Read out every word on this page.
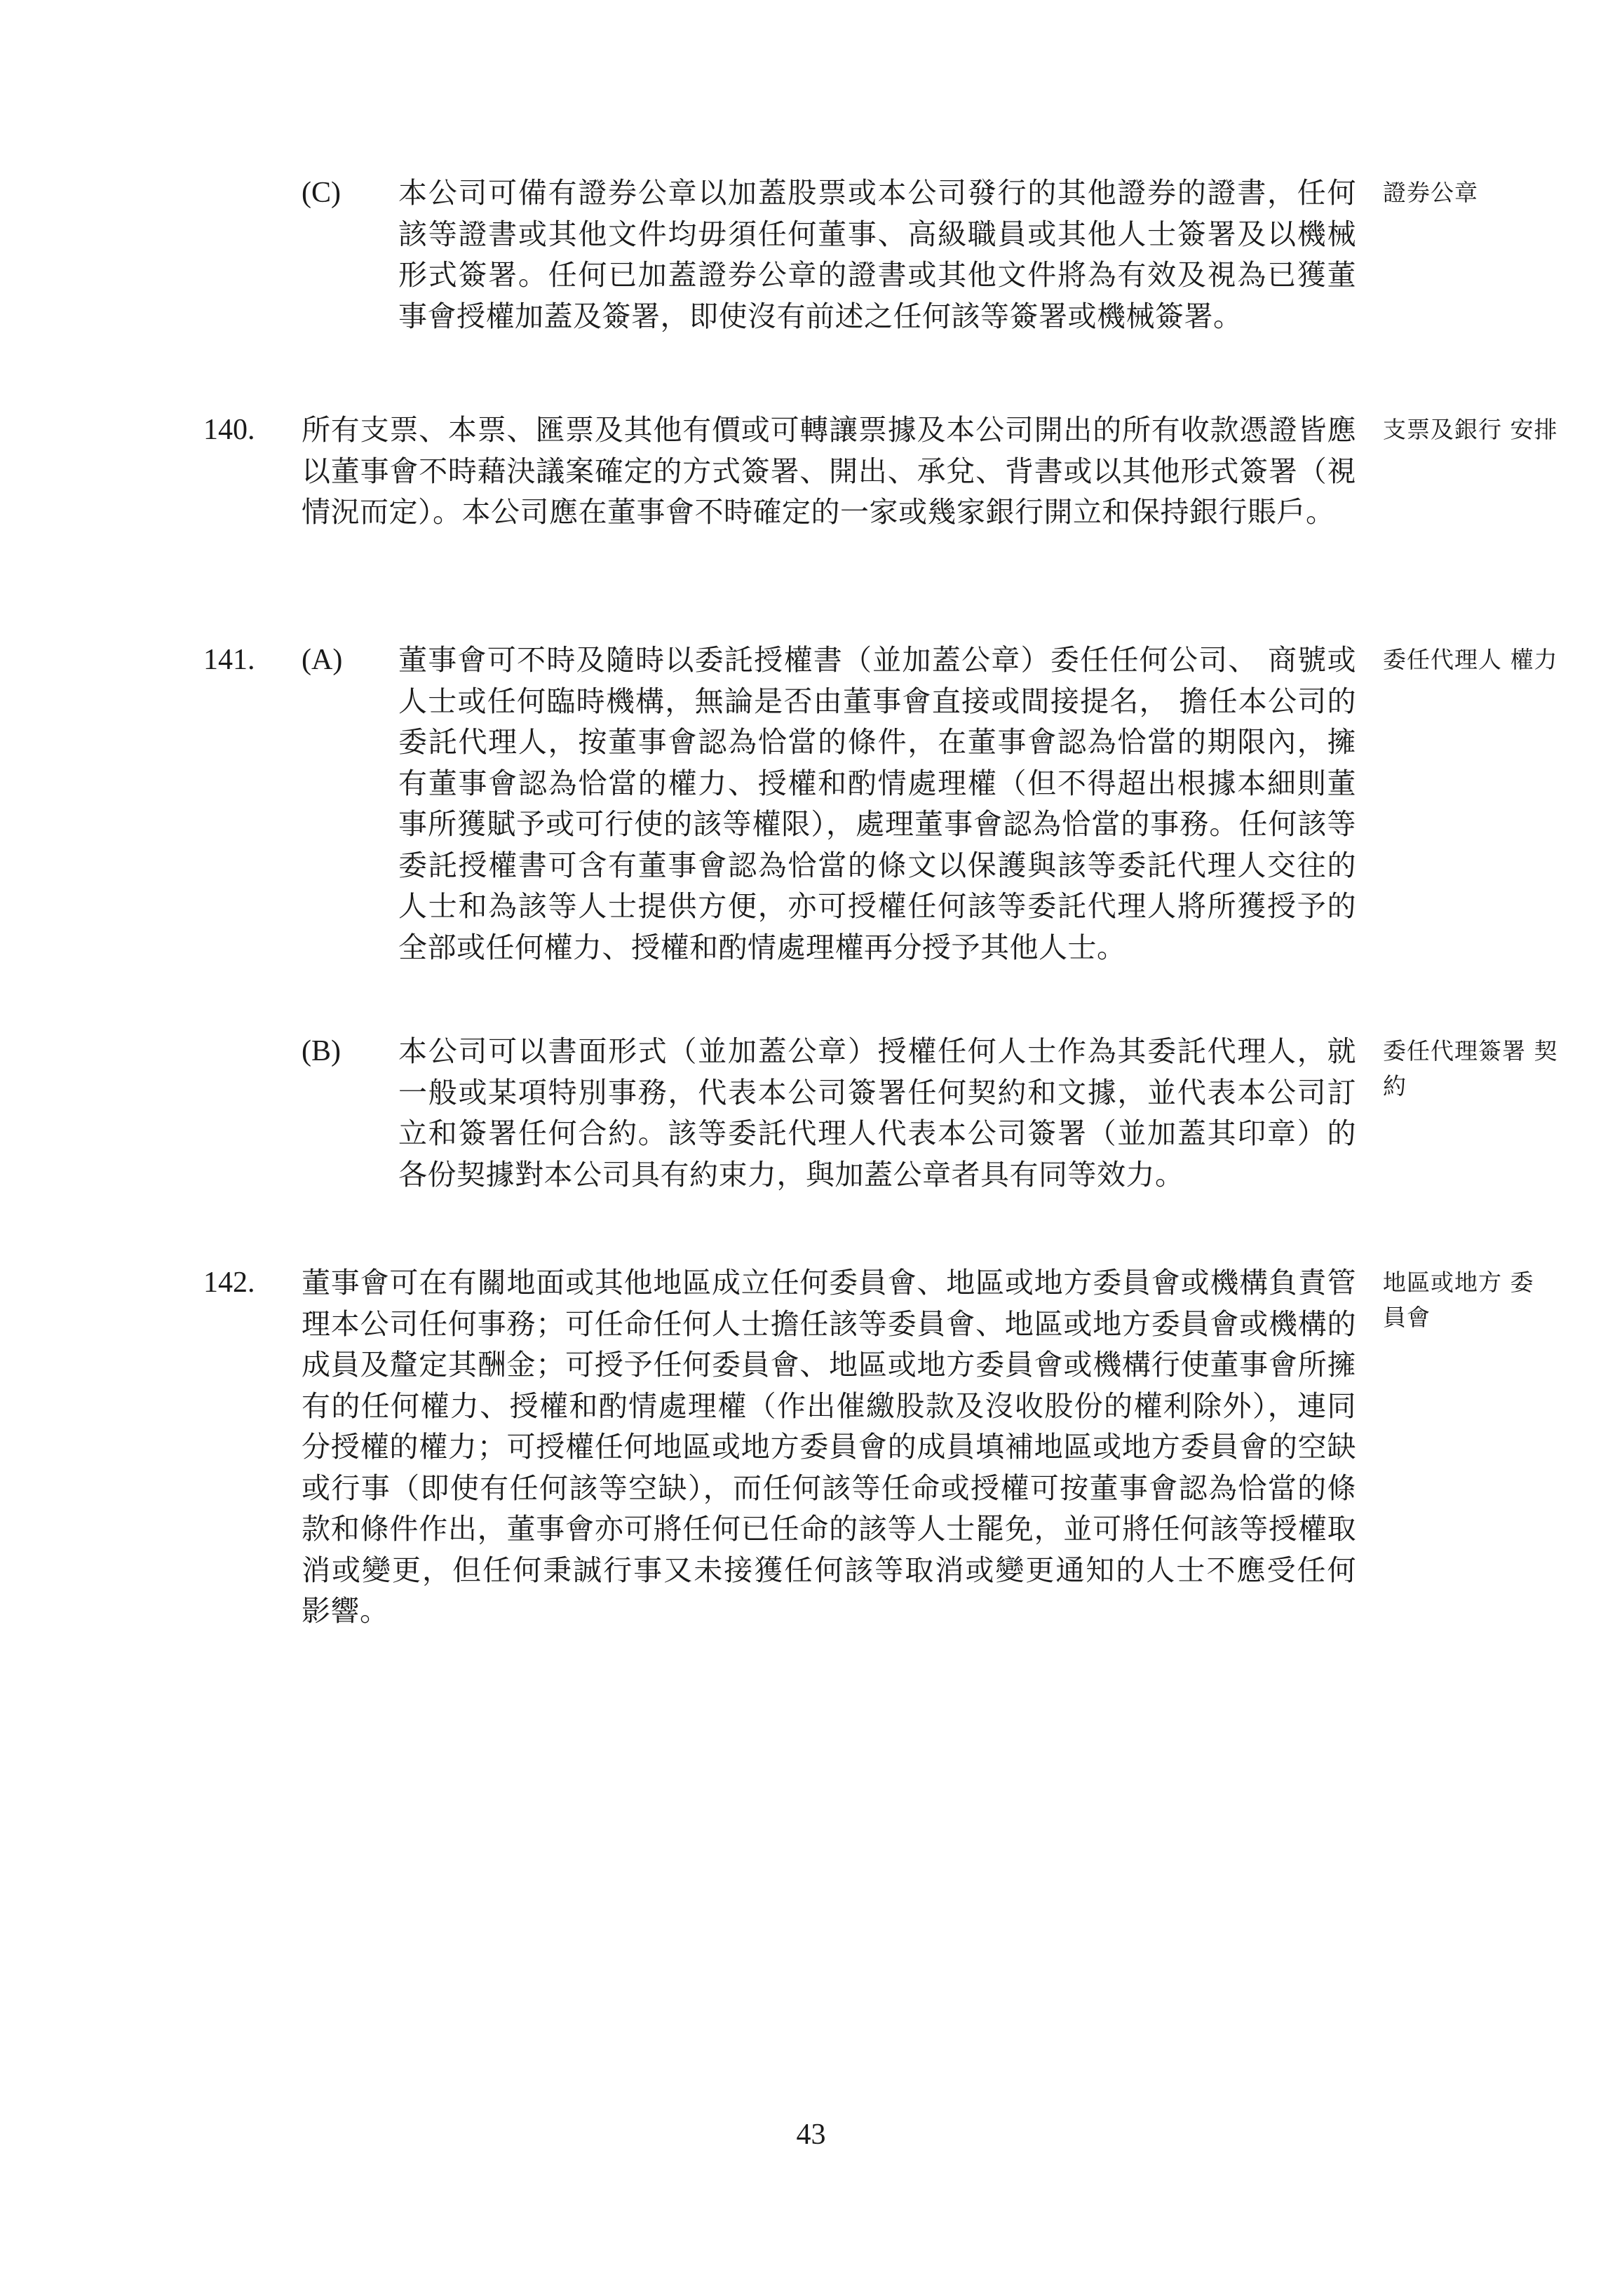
(C) 本公司可備有證券公章以加蓋股票或本公司發行的其他證券的證書，任何該等證書或其他文件均毋須任何董事、高級職員或其他人士簽署及以機械形式簽署。任何已加蓋證券公章的證書或其他文件將為有效及視為已獲董事會授權加蓋及簽署，即使沒有前述之任何該等簽署或機械簽署。

證券公章

140. 所有支票、本票、匯票及其他有價或可轉讓票據及本公司開出的所有收款憑證皆應以董事會不時藉決議案確定的方式簽署、開出、承兌、背書或以其他形式簽署（視情況而定）。本公司應在董事會不時確定的一家或幾家銀行開立和保持銀行賬戶。

支票及銀行 安排

141. (A) 董事會可不時及隨時以委託授權書（並加蓋公章）委任任何公司、 商號或人士或任何臨時機構，無論是否由董事會直接或間接提名， 擔任本公司的委託代理人，按董事會認為恰當的條件，在董事會認為恰當的期限內，擁有董事會認為恰當的權力、授權和酌情處理權（但不得超出根據本細則董事所獲賦予或可行使的該等權限），處理董事會認為恰當的事務。任何該等委託授權書可含有董事會認為恰當的條文以保護與該等委託代理人交往的人士和為該等人士提供方便，亦可授權任何該等委託代理人將所獲授予的全部或任何權力、授權和酌情處理權再分授予其他人士。

委任代理人 權力

(B) 本公司可以書面形式（並加蓋公章）授權任何人士作為其委託代理人，就一般或某項特別事務，代表本公司簽署任何契約和文據，並代表本公司訂立和簽署任何合約。該等委託代理人代表本公司簽署（並加蓋其印章）的各份契據對本公司具有約束力，與加蓋公章者具有同等效力。

委任代理簽署 契約

142. 董事會可在有關地面或其他地區成立任何委員會、地區或地方委員會或機構負責管理本公司任何事務；可任命任何人士擔任該等委員會、地區或地方委員會或機構的成員及釐定其酬金；可授予任何委員會、地區或地方委員會或機構行使董事會所擁有的任何權力、授權和酌情處理權（作出催繳股款及沒收股份的權利除外），連同分授權的權力；可授權任何地區或地方委員會的成員填補地區或地方委員會的空缺或行事（即使有任何該等空缺），而任何該等任命或授權可按董事會認為恰當的條款和條件作出，董事會亦可將任何已任命的該等人士罷免，並可將任何該等授權取消或變更，但任何秉誠行事又未接獲任何該等取消或變更通知的人士不應受任何 影響。

地區或地方 委 員會

43
